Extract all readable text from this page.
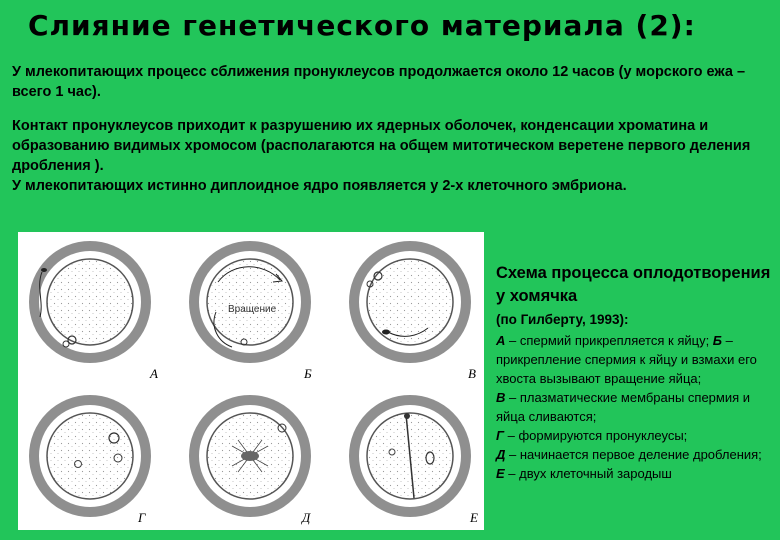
Слияние генетического материала (2):
У млекопитающих процесс сближения пронуклеусов продолжается около 12 часов (у морского ежа – всего 1 час).
Контакт пронуклеусов приходит к разрушению их ядерных оболочек, конденсации хроматина и образованию видимых хромосом (располагаются на общем митотическом веретене первого деления дробления ).
У млекопитающих истинно диплоидное ядро появляется у 2-х клеточного эмбриона.
А
Вращение
Б	В
Г	Д	Е
Схема процесса оплодотворения у хомячка
(по Гилберту, 1993):
А – спермий прикрепляется к яйцу; Б – прикрепление спермия к яйцу и взмахи его хвоста вызывают вращение яйца;
В – плазматические мембраны спермия и яйца сливаются;
Г – формируются пронуклеусы;
Д – начинается первое деление дробления; Е – двух клеточный зародыш
